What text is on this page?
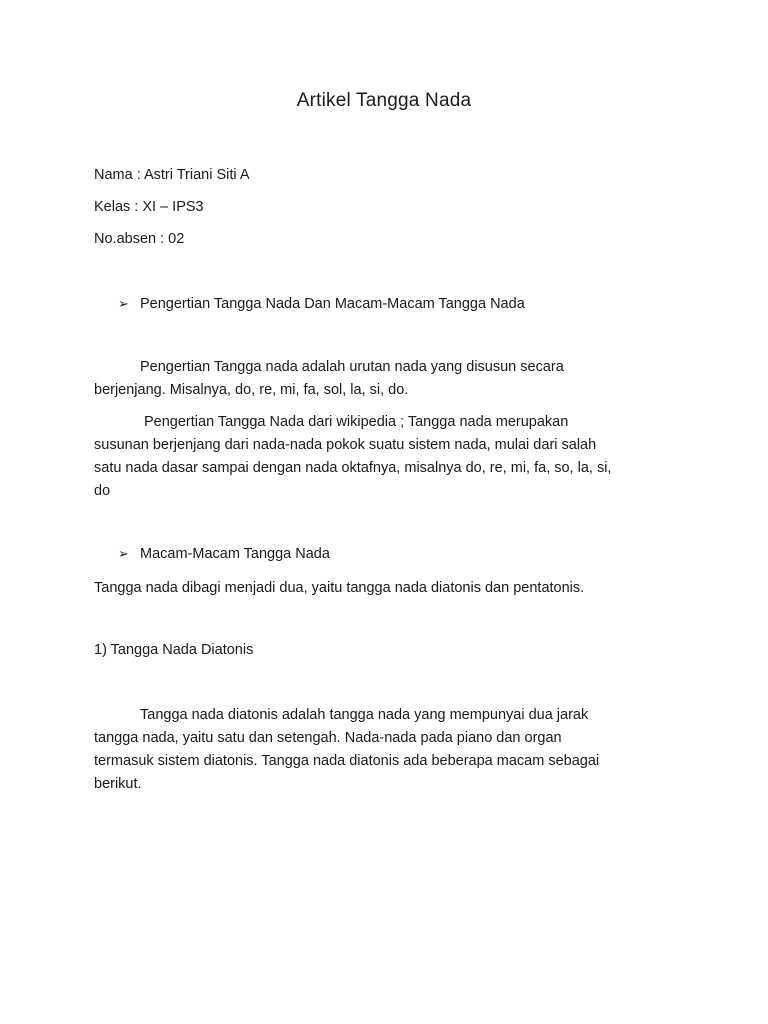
Artikel Tangga Nada
Nama : Astri Triani Siti A
Kelas : XI – IPS3
No.absen : 02
➢ Pengertian Tangga Nada Dan Macam-Macam Tangga Nada
Pengertian Tangga nada adalah urutan nada yang disusun secara
berjenjang. Misalnya, do, re, mi, fa, sol, la, si, do.
Pengertian Tangga Nada dari wikipedia ; Tangga nada merupakan
susunan berjenjang dari nada-nada pokok suatu sistem nada, mulai dari salah
satu nada dasar sampai dengan nada oktafnya, misalnya do, re, mi, fa, so, la, si,
do
➢ Macam-Macam Tangga Nada
Tangga nada dibagi menjadi dua, yaitu tangga nada diatonis dan pentatonis.
1) Tangga Nada Diatonis
Tangga nada diatonis adalah tangga nada yang mempunyai dua jarak
tangga nada, yaitu satu dan setengah. Nada-nada pada piano dan organ
termasuk sistem diatonis. Tangga nada diatonis ada beberapa macam sebagai
berikut.
